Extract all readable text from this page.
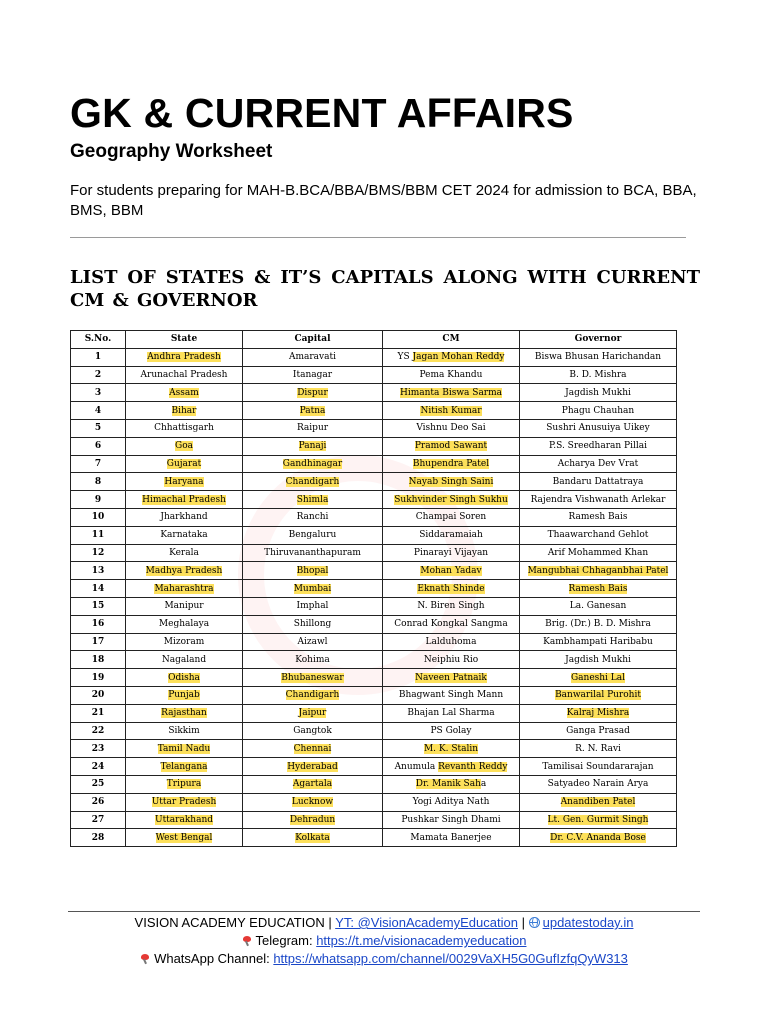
GK & CURRENT AFFAIRS
Geography Worksheet
For students preparing for MAH-B.BCA/BBA/BMS/BBM CET 2024 for admission to BCA, BBA, BMS, BBM
LIST OF STATES & IT’S CAPITALS ALONG WITH CURRENT CM & GOVERNOR
S.No.	State	Capital	CM	Governor
1	Andhra Pradesh	Amaravati	YS Jagan Mohan Reddy	Biswa Bhusan Harichandan
2	Arunachal Pradesh	Itanagar	Pema Khandu	B. D. Mishra
3	Assam	Dispur	Himanta Biswa Sarma	Jagdish Mukhi
4	Bihar	Patna	Nitish Kumar	Phagu Chauhan
5	Chhattisgarh	Raipur	Vishnu Deo Sai	Sushri Anusuiya Uikey
6	Goa	Panaji	Pramod Sawant	P.S. Sreedharan Pillai
7	Gujarat	Gandhinagar	Bhupendra Patel	Acharya Dev Vrat
8	Haryana	Chandigarh	Nayab Singh Saini	Bandaru Dattatraya
9	Himachal Pradesh	Shimla	Sukhvinder Singh Sukhu	Rajendra Vishwanath Arlekar
10	Jharkhand	Ranchi	Champai Soren	Ramesh Bais
11	Karnataka	Bengaluru	Siddaramaiah	Thaawarchand Gehlot
12	Kerala	Thiruvananthapuram	Pinarayi Vijayan	Arif Mohammed Khan
13	Madhya Pradesh	Bhopal	Mohan Yadav	Mangubhai Chhaganbhai Patel
14	Maharashtra	Mumbai	Eknath Shinde	Ramesh Bais
15	Manipur	Imphal	N. Biren Singh	La. Ganesan
16	Meghalaya	Shillong	Conrad Kongkal Sangma	Brig. (Dr.) B. D. Mishra
17	Mizoram	Aizawl	Lalduhoma	Kambhampati Haribabu
18	Nagaland	Kohima	Neiphiu Rio	Jagdish Mukhi
19	Odisha	Bhubaneswar	Naveen Patnaik	Ganeshi Lal
20	Punjab	Chandigarh	Bhagwant Singh Mann	Banwarilal Purohit
21	Rajasthan	Jaipur	Bhajan Lal Sharma	Kalraj Mishra
22	Sikkim	Gangtok	PS Golay	Ganga Prasad
23	Tamil Nadu	Chennai	M. K. Stalin	R. N. Ravi
24	Telangana	Hyderabad	Anumula Revanth Reddy	Tamilisai Soundararajan
25	Tripura	Agartala	Dr. Manik Saha	Satyadeo Narain Arya
26	Uttar Pradesh	Lucknow	Yogi Aditya Nath	Anandiben Patel
27	Uttarakhand	Dehradun	Pushkar Singh Dhami	Lt. Gen. Gurmit Singh
28	West Bengal	Kolkata	Mamata Banerjee	Dr. C.V. Ananda Bose
VISION ACADEMY EDUCATION | YT: @VisionAcademyEducation | updatestoday.in
Telegram: https://t.me/visionacademyeducation
WhatsApp Channel: https://whatsapp.com/channel/0029VaXH5G0GufIzfqQyW313
